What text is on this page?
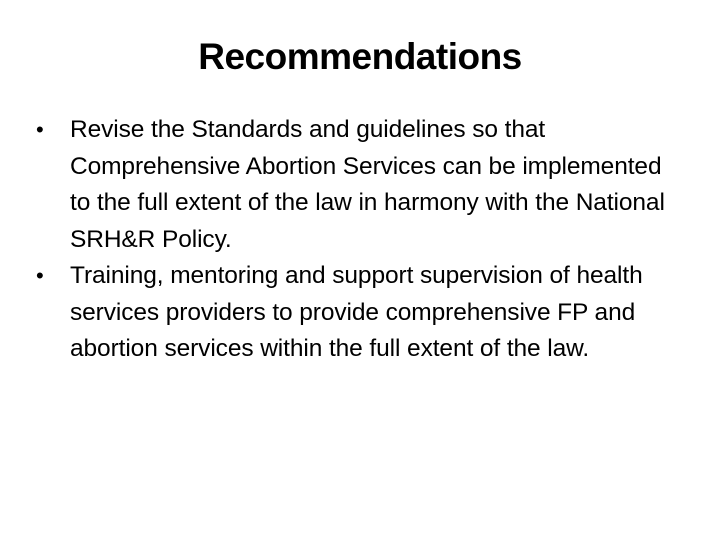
Recommendations
•	Revise the Standards and guidelines so that Comprehensive Abortion Services can be implemented to the full extent of the law in harmony with the National SRH&R Policy.
•	Training, mentoring and support supervision of health services providers to provide comprehensive FP and abortion services within the full extent of the law.
